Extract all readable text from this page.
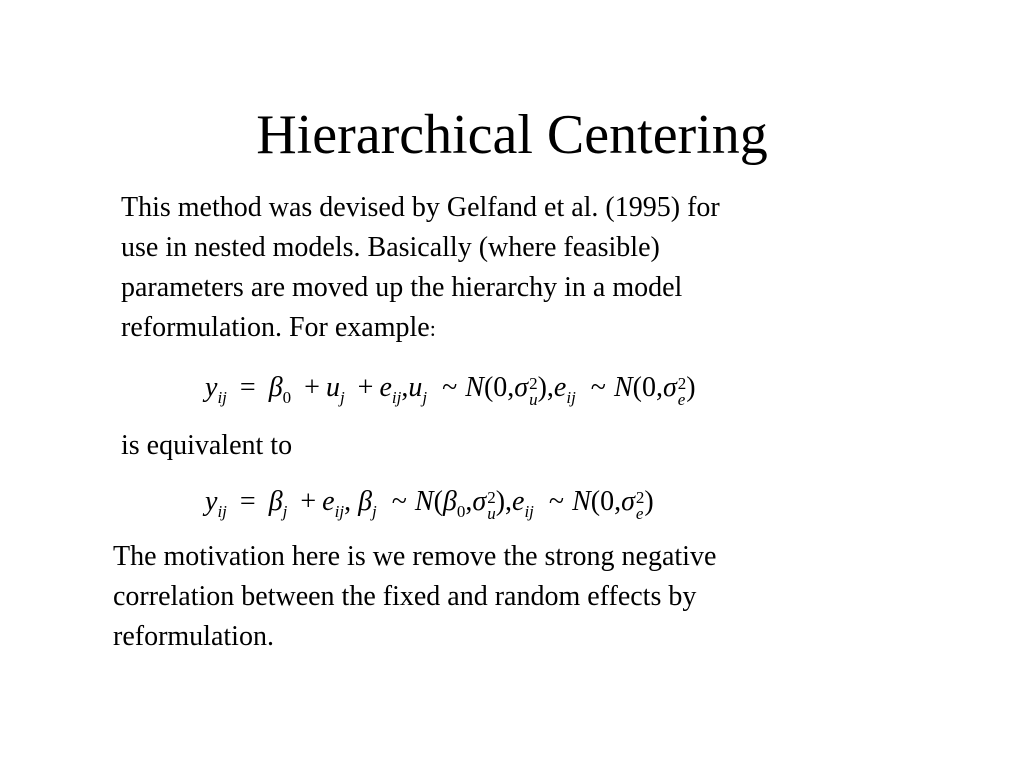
Hierarchical Centering

This method was devised by Gelfand et al. (1995) for
use in nested models. Basically (where feasible)
parameters are moved up the hierarchy in a model
reformulation. For example:

$y_{ij} = \beta_0 + u_j + e_{ij},u_j$ ~ N(0,σ 2
u )$,e_{ij}$ ~ N(0,σ 2
e )

is equivalent to

$y_{ij} = \beta_j + e_{ij}$, $\beta_j$ ~ $N(\beta_0,\sigma$ 2
u )$,e_{ij}$ ~ N(0,σ 2
e )

The motivation here is we remove the strong negative
correlation between the fixed and random effects by
reformulation.
